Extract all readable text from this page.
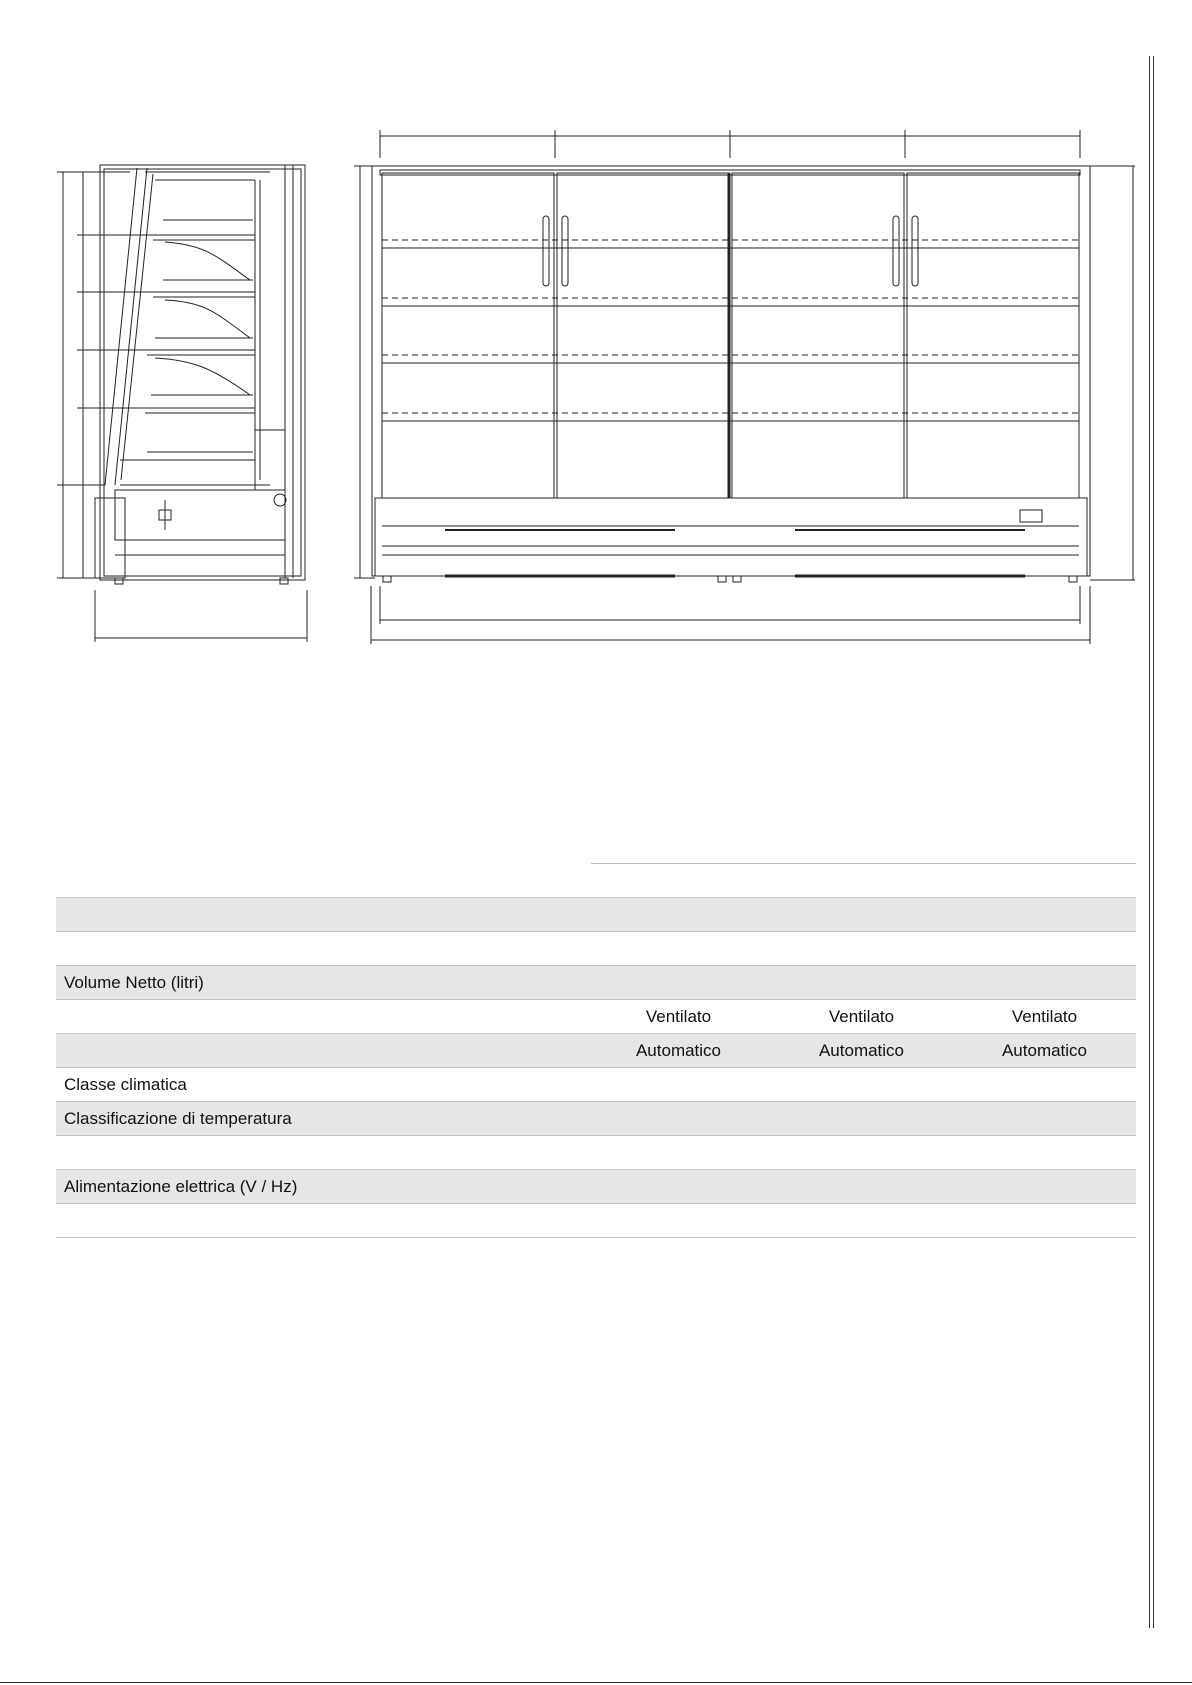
Volume Netto (litri)			
	Ventilato	Ventilato	Ventilato
	Automatico	Automatico	Automatico
Classe climatica			
Classificazione di temperatura			

Alimentazione elettrica (V / Hz)			
